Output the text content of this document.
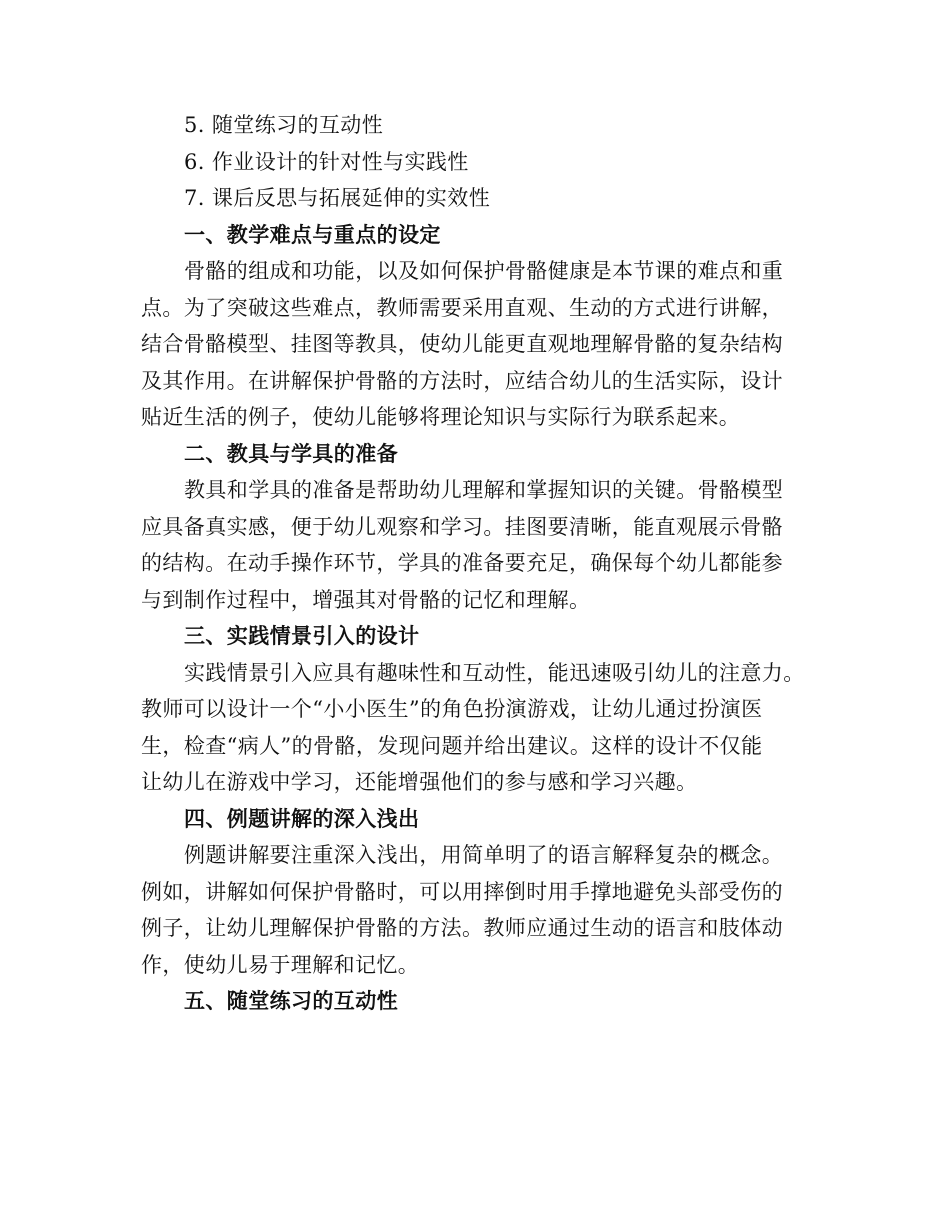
5. 随堂练习的互动性
6. 作业设计的针对性与实践性
7. 课后反思与拓展延伸的实效性
一、教学难点与重点的设定
骨骼的组成和功能，以及如何保护骨骼健康是本节课的难点和重
点。为了突破这些难点，教师需要采用直观、生动的方式进行讲解，
结合骨骼模型、挂图等教具，使幼儿能更直观地理解骨骼的复杂结构
及其作用。在讲解保护骨骼的方法时，应结合幼儿的生活实际，设计
贴近生活的例子，使幼儿能够将理论知识与实际行为联系起来。
二、教具与学具的准备
教具和学具的准备是帮助幼儿理解和掌握知识的关键。骨骼模型
应具备真实感，便于幼儿观察和学习。挂图要清晰，能直观展示骨骼
的结构。在动手操作环节，学具的准备要充足，确保每个幼儿都能参
与到制作过程中，增强其对骨骼的记忆和理解。
三、实践情景引入的设计
实践情景引入应具有趣味性和互动性，能迅速吸引幼儿的注意力。
教师可以设计一个“小小医生”的角色扮演游戏，让幼儿通过扮演医
生，检查“病人”的骨骼，发现问题并给出建议。这样的设计不仅能
让幼儿在游戏中学习，还能增强他们的参与感和学习兴趣。
四、例题讲解的深入浅出
例题讲解要注重深入浅出，用简单明了的语言解释复杂的概念。
例如，讲解如何保护骨骼时，可以用摔倒时用手撑地避免头部受伤的
例子，让幼儿理解保护骨骼的方法。教师应通过生动的语言和肢体动
作，使幼儿易于理解和记忆。
五、随堂练习的互动性
